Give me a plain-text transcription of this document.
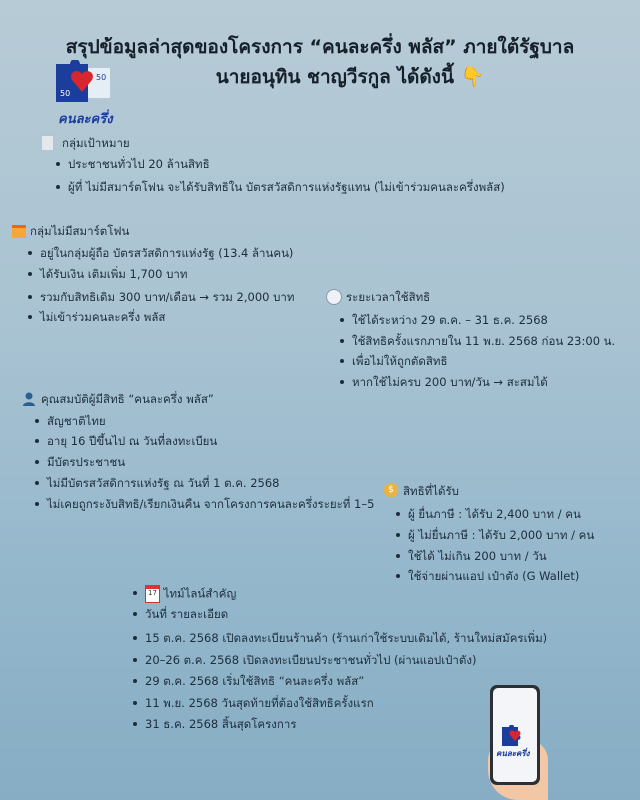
สรุปข้อมูลล่าสุดของโครงการ “คนละครึ่ง พลัส” ภายใต้รัฐบาล
นายอนุทิน ชาญวีรกูล ได้ดังนี้ 👇
50
50
คนละครึ่ง
กลุ่มเป้าหมาย
ประชาชนทั่วไป 20 ล้านสิทธิ
ผู้ที่ ไม่มีสมาร์ตโฟน จะได้รับสิทธิใน บัตรสวัสดิการแห่งรัฐแทน (ไม่เข้าร่วมคนละครึ่งพลัส)
กลุ่มไม่มีสมาร์ตโฟน
อยู่ในกลุ่มผู้ถือ บัตรสวัสดิการแห่งรัฐ (13.4 ล้านคน)
ได้รับเงิน เติมเพิ่ม 1,700 บาท
รวมกับสิทธิเดิม 300 บาท/เดือน → รวม 2,000 บาท
ไม่เข้าร่วมคนละครึ่ง พลัส
ระยะเวลาใช้สิทธิ
ใช้ได้ระหว่าง 29 ต.ค. – 31 ธ.ค. 2568
ใช้สิทธิครั้งแรกภายใน 11 พ.ย. 2568 ก่อน 23:00 น.
เพื่อไม่ให้ถูกตัดสิทธิ
หากใช้ไม่ครบ 200 บาท/วัน → สะสมได้
คุณสมบัติผู้มีสิทธิ “คนละครึ่ง พลัส”
สัญชาติไทย
อายุ 16 ปีขึ้นไป ณ วันที่ลงทะเบียน
มีบัตรประชาชน
ไม่มีบัตรสวัสดิการแห่งรัฐ ณ วันที่ 1 ต.ค. 2568
ไม่เคยถูกระงับสิทธิ/เรียกเงินคืน จากโครงการคนละครึ่งระยะที่ 1–5
$ สิทธิที่ได้รับ
ผู้ ยื่นภาษี : ได้รับ 2,400 บาท / คน
ผู้ ไม่ยื่นภาษี : ได้รับ 2,000 บาท / คน
ใช้ได้ ไม่เกิน 200 บาท / วัน
ใช้จ่ายผ่านแอป เป๋าตัง (G Wallet)
17 ไทม์ไลน์สำคัญ
วันที่ รายละเอียด
15 ต.ค. 2568 เปิดลงทะเบียนร้านค้า (ร้านเก่าใช้ระบบเดิมได้, ร้านใหม่สมัครเพิ่ม)
20–26 ต.ค. 2568 เปิดลงทะเบียนประชาชนทั่วไป (ผ่านแอปเป๋าตัง)
29 ต.ค. 2568 เริ่มใช้สิทธิ “คนละครึ่ง พลัส”
11 พ.ย. 2568 วันสุดท้ายที่ต้องใช้สิทธิครั้งแรก
31 ธ.ค. 2568 สิ้นสุดโครงการ
คนละครึ่ง
